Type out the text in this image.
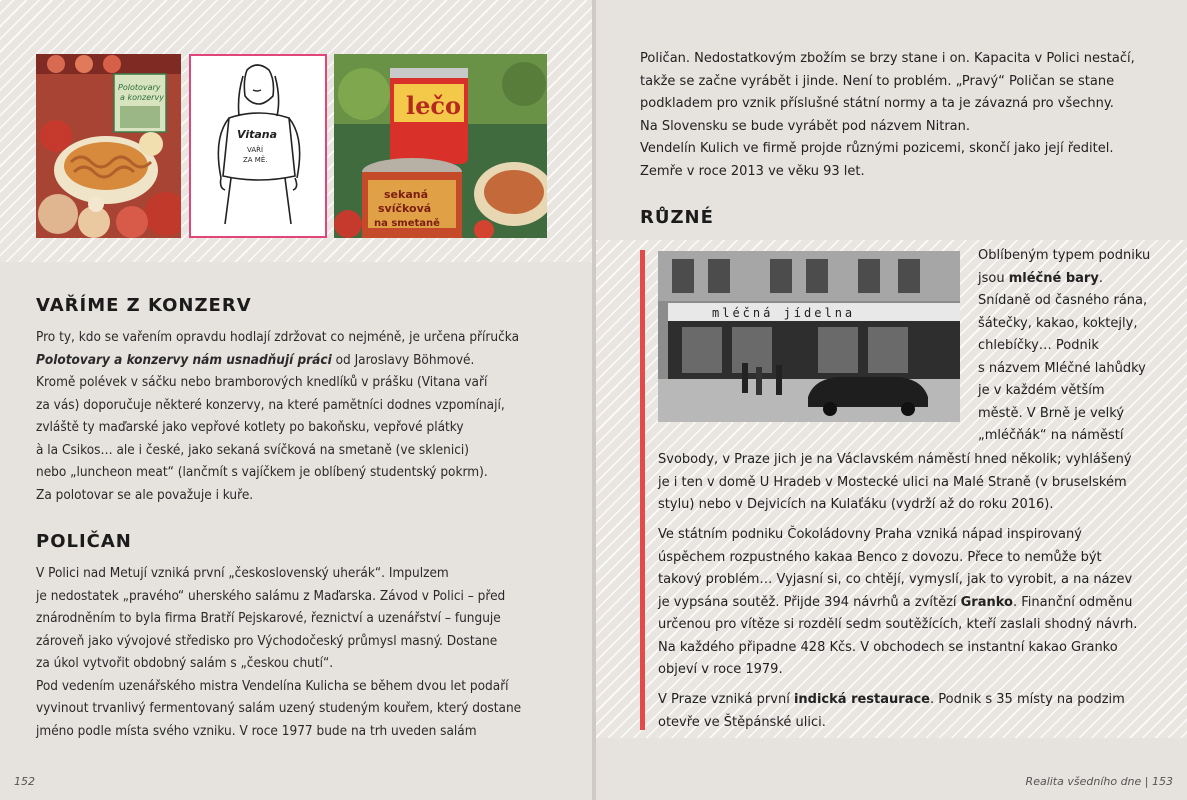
Polotovary
a konzervy
Vitana
VAŘÍ
ZA MĚ.
lečo
sekaná
svíčková
na smetaně
VAŘÍME Z KONZERV
Pro ty, kdo se vařením opravdu hodlají zdržovat co nejméně, je určena příručka
Polotovary a konzervy nám usnadňují práci od Jaroslavy Böhmové.
Kromě polévek v sáčku nebo bramborových knedlíků v prášku (Vitana vaří
za vás) doporučuje některé konzervy, na které pamětníci dodnes vzpomínají,
zvláště ty maďarské jako vepřové kotlety po bakoňsku, vepřové plátky
à la Csikos… ale i české, jako sekaná svíčková na smetaně (ve sklenici)
nebo „luncheon meat“ (lančmít s vajíčkem je oblíbený studentský pokrm).
Za polotovar se ale považuje i kuře.
POLIČAN
V Polici nad Metují vzniká první „československý uherák“. Impulzem
je nedostatek „pravého“ uherského salámu z Maďarska. Závod v Polici – před
znárodněním to byla firma Bratří Pejskarové, řeznictví a uzenářství – funguje
zároveň jako vývojové středisko pro Východočeský průmysl masný. Dostane
za úkol vytvořit obdobný salám s „českou chutí“.
Pod vedením uzenářského mistra Vendelína Kulicha se během dvou let podaří
vyvinout trvanlivý fermentovaný salám uzený studeným kouřem, který dostane
jméno podle místa svého vzniku. V roce 1977 bude na trh uveden salám
152
Poličan. Nedostatkovým zbožím se brzy stane i on. Kapacita v Polici nestačí,
takže se začne vyrábět i jinde. Není to problém. „Pravý“ Poličan se stane
podkladem pro vznik příslušné státní normy a ta je závazná pro všechny.
Na Slovensku se bude vyrábět pod názvem Nitran.
Vendelín Kulich ve firmě projde různými pozicemi, skončí jako její ředitel.
Zemře v roce 2013 ve věku 93 let.
RŮZNÉ
mléčná jídelna
Oblíbeným typem podniku
jsou mléčné bary.
Snídaně od časného rána,
šátečky, kakao, koktejly,
chlebíčky… Podnik
s názvem Mléčné lahůdky
je v každém větším
městě. V Brně je velký
„mléčňák“ na náměstí
Svobody, v Praze jich je na Václavském náměstí hned několik; vyhlášený
je i ten v domě U Hradeb v Mostecké ulici na Malé Straně (v bruselském
stylu) nebo v Dejvicích na Kulaťáku (vydrží až do roku 2016).
Ve státním podniku Čokoládovny Praha vzniká nápad inspirovaný
úspěchem rozpustného kakaa Benco z dovozu. Přece to nemůže být
takový problém… Vyjasní si, co chtějí, vymyslí, jak to vyrobit, a na název
je vypsána soutěž. Přijde 394 návrhů a zvítězí Granko. Finanční odměnu
určenou pro vítěze si rozdělí sedm soutěžících, kteří zaslali shodný návrh.
Na každého připadne 428 Kčs. V obchodech se instantní kakao Granko
objeví v roce 1979.
V Praze vzniká první indická restaurace. Podnik s 35 místy na podzim
otevře ve Štěpánské ulici.
Realita všedního dne | 153
